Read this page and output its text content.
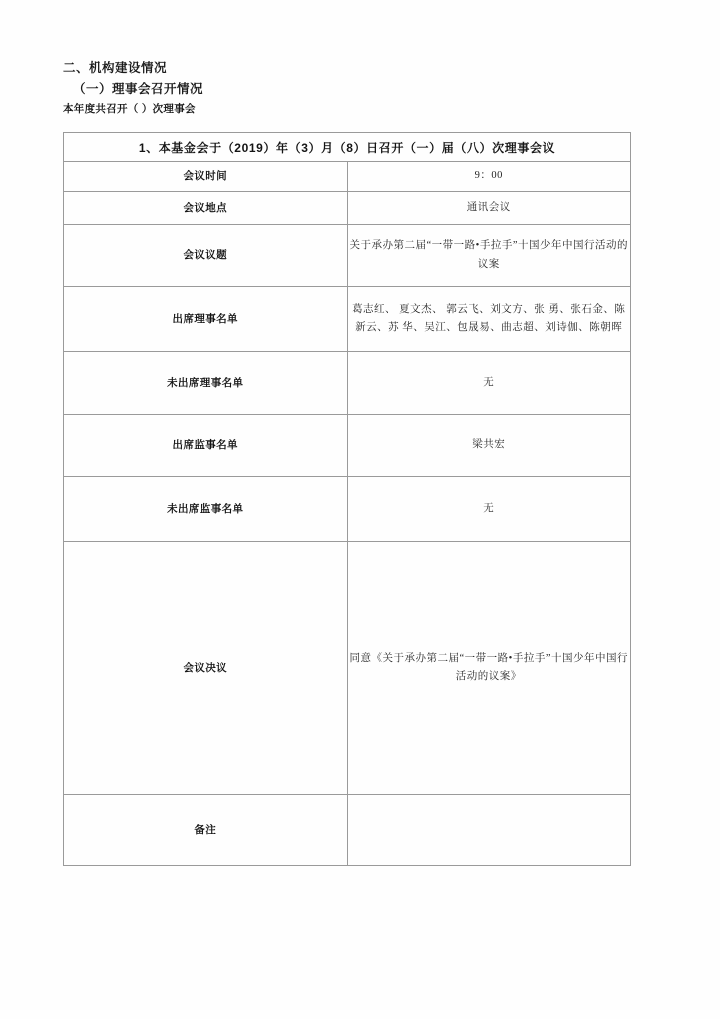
二、机构建设情况

（一）理事会召开情况

本年度共召开（ ）次理事会

1、本基金会于（2019）年（3）月（8）日召开（一）届（八）次理事会议	
会议时间	9：00
会议地点	通讯会议
会议议题	关于承办第二届“一带一路•手拉手”十国少年中国行活动的议案
出席理事名单	葛志红、 夏文杰、 郭云飞、刘文方、张 勇、张石金、陈新云、苏 华、吴江、包晟易、曲志超、刘诗伽、陈朝晖
未出席理事名单	无
出席监事名单	梁共宏
未出席监事名单	无
会议决议	同意《关于承办第二届“一带一路•手拉手”十国少年中国行活动的议案》

备注	
